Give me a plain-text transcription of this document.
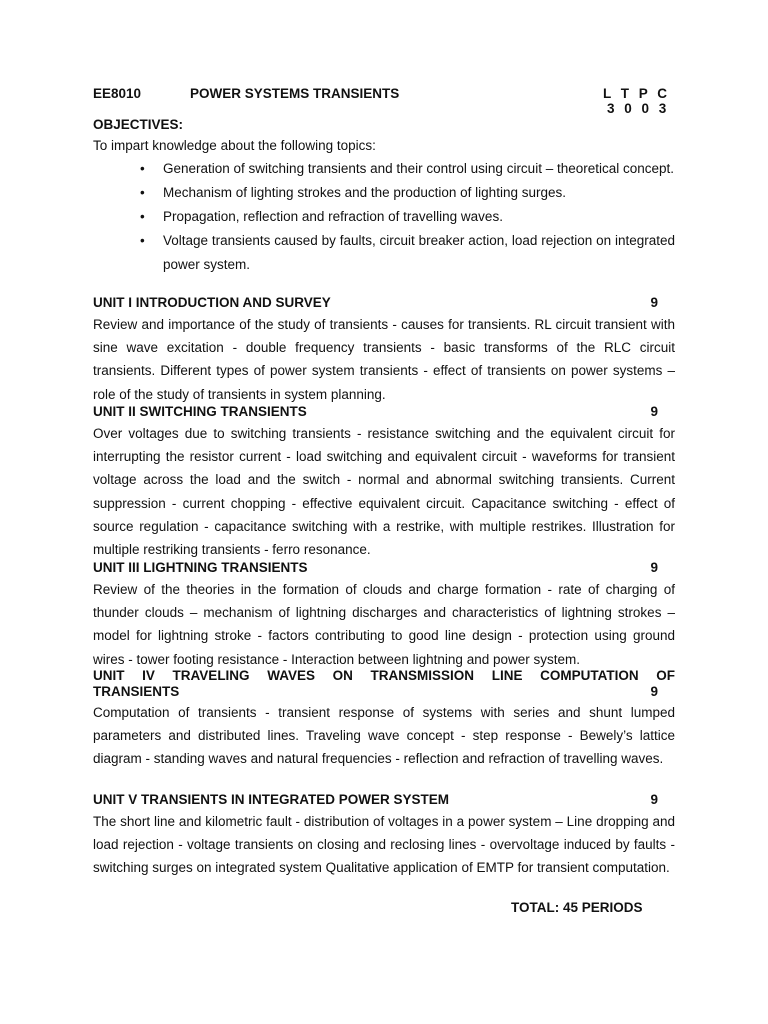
EE8010	POWER SYSTEMS TRANSIENTS	L T P C
3 0 0 3
OBJECTIVES:
To impart knowledge about the following topics:
• Generation of switching transients and their control using circuit – theoretical concept.
• Mechanism of lighting strokes and the production of lighting surges.
• Propagation, reflection and refraction of travelling waves.
• Voltage transients caused by faults, circuit breaker action, load rejection on integrated power system.
UNIT I INTRODUCTION AND SURVEY	9
Review and importance of the study of transients - causes for transients. RL circuit transient with sine wave excitation - double frequency transients - basic transforms of the RLC circuit transients. Different types of power system transients - effect of transients on power systems – role of the study of transients in system planning.
UNIT II SWITCHING TRANSIENTS	9
Over voltages due to switching transients - resistance switching and the equivalent circuit for interrupting the resistor current - load switching and equivalent circuit - waveforms for transient voltage across the load and the switch - normal and abnormal switching transients. Current suppression - current chopping - effective equivalent circuit. Capacitance switching - effect of source regulation - capacitance switching with a restrike, with multiple restrikes. Illustration for multiple restriking transients - ferro resonance.
UNIT III LIGHTNING TRANSIENTS	9
Review of the theories in the formation of clouds and charge formation - rate of charging of thunder clouds – mechanism of lightning discharges and characteristics of lightning strokes – model for lightning stroke - factors contributing to good line design - protection using ground wires - tower footing resistance - Interaction between lightning and power system.
UNIT IV TRAVELING WAVES ON TRANSMISSION LINE COMPUTATION OF
TRANSIENTS	9
Computation of transients - transient response of systems with series and shunt lumped parameters and distributed lines. Traveling wave concept - step response - Bewely’s lattice diagram - standing waves and natural frequencies - reflection and refraction of travelling waves.
UNIT V TRANSIENTS IN INTEGRATED POWER SYSTEM	9
The short line and kilometric fault - distribution of voltages in a power system – Line dropping and load rejection - voltage transients on closing and reclosing lines - overvoltage induced by faults -switching surges on integrated system Qualitative application of EMTP for transient computation.
TOTAL: 45 PERIODS
